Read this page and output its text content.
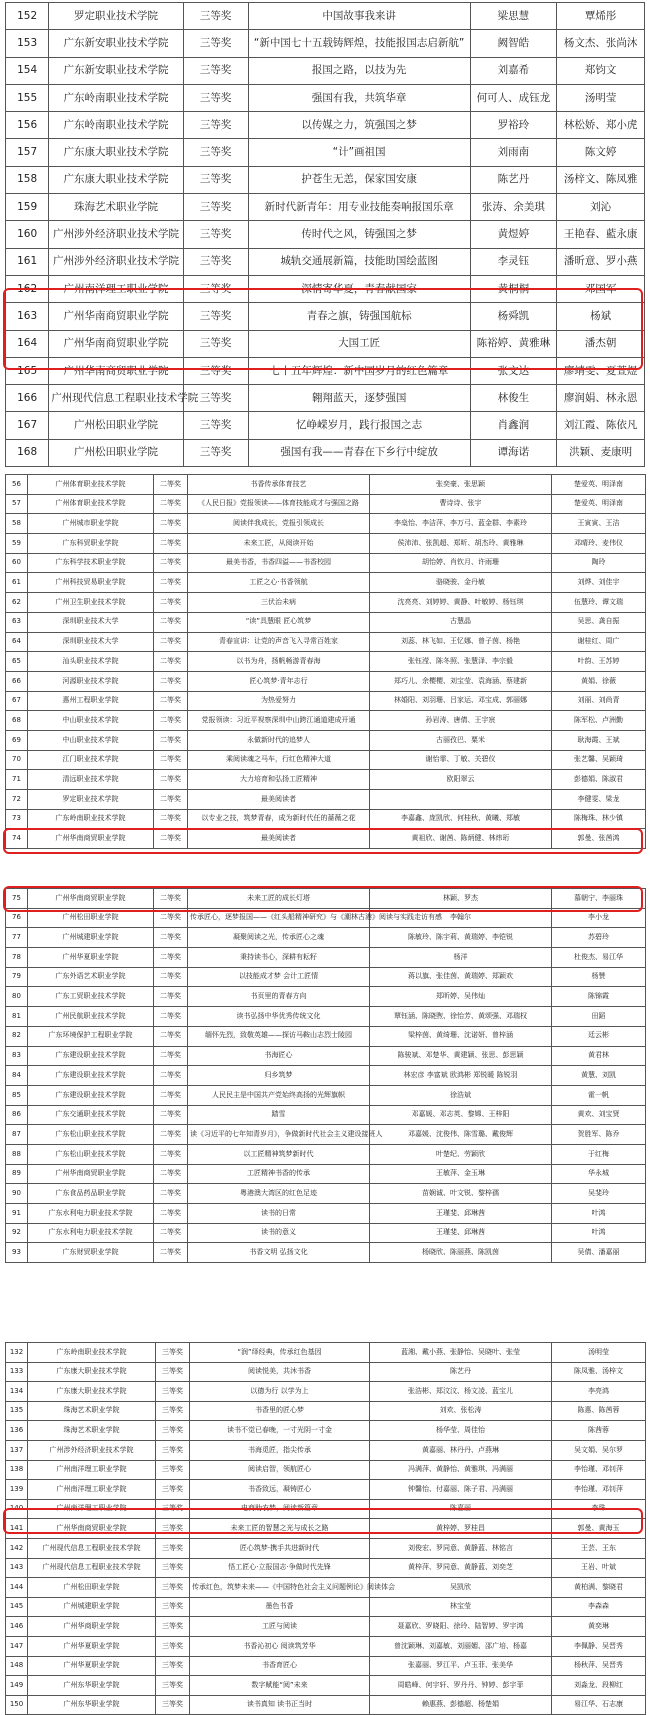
152	罗定职业技术学院	三等奖	中国故事我来讲	梁思慧	覃烯彤
153	广东新安职业技术学院	三等奖	“新中国七十五载铸辉煌，技能报国志启新航”	阙智皓	杨文杰、张尚沐
154	广东新安职业技术学院	三等奖	报国之路，以技为先	刘嘉希	郑钧文
155	广东岭南职业技术学院	三等奖	强国有我，共筑华章	何可人、成钰龙	汤明莹
156	广东岭南职业技术学院	三等奖	以传媒之力，筑强国之梦	罗裕玲	林松娇、郑小虎
157	广东康大职业技术学院	三等奖	“计”画祖国	刘雨南	陈文婷
158	广东康大职业技术学院	三等奖	护苍生无恙，保家国安康	陈艺丹	汤梓文、陈凤雅
159	珠海艺术职业学院	三等奖	新时代新青年：用专业技能奏响报国乐章	张涛、余美琪	刘沁
160	广州涉外经济职业技术学院	三等奖	传时代之风，铸强国之梦	黄煜婷	王艳春、藍永康
161	广州涉外经济职业技术学院	三等奖	城轨交通展新篇，技能助国绘蓝图	李灵钰	潘昕意、罗小燕
162	广州南洋理工职业学院	三等奖	深情寄华夏，青春献国家	黄桐桐	邓国军
163	广州华南商贸职业学院	三等奖	青春之旗，铸强国航标	杨舜凯	杨斌
164	广州华南商贸职业学院	三等奖	大国工匠	陈裕婷、黄雅琳	潘杰朝
165	广州华南商贸职业学院	三等奖	七十五年辉煌：新中国岁月的红色篇章	张文达	廖靖雯、夏萱煜
166	广州现代信息工程职业技术学院	三等奖	翱翔蓝天，逐梦强国	林俊生	廖润娟、林永恩
167	广州松田职业学院	三等奖	忆峥嵘岁月，践行报国之志	肖鑫润	刘江霞、陈依凡
168	广州松田职业学院	三等奖	强国有我——青春在下乡行中绽放	谭海诺	洪颖、麦康明
56	广州体育职业技术学院	二等奖	书香传承体育技艺	张奕豪、张思颖	楚爱英、明泽南
57	广州体育职业技术学院	二等奖	《人民日报》党报领读——体育技能成才与强国之路	曹诗诗、张宇	楚爱英、明泽南
58	广州城市职业学院	二等奖	阅读伴我成长，党报引领成长	李燊怡、李洁萍、李万弓、蓝金群、李素玲	王寅寅、王洁
59	广东科贸职业学院	二等奖	未来工匠，从阅读开始	侯沛沛、张凯超、郑昕、胡杰玲、黄雅琳	邓晴玲、麦伟仪
60	广东科学技术职业学院	二等奖	最美书香，书香四溢——书香校园	胡怡婷、肖钦月、许雨珊	陶玲
61	广州科技贸易职业学院	二等奖	工匠之心·书香领航	骆晓骏、金丹敏	刘烨、刘佳宇
62	广州卫生职业技术学院	二等奖	三伏治未病	沈亮亮、刘婷婷、黄静、叶敏婷、杨钰琪	伍慧玲、谭文瑞
63	深圳职业技术大学	二等奖	“读”具慧眼 匠心筑梦	古慧晶	吴思、龚自振
64	深圳职业技术大学	二等奖	青春宣讲：让党的声音飞入寻常百姓家	刘蕊、林飞如、王忆娜、曾子茵、杨艳	谢桂红、周广
65	汕头职业技术学院	二等奖	以书为舟，扬帆畅游青春海	张钰滢、陈冬照、张慧泽、李宗毅	叶韵、王苏婷
66	河源职业技术学院	二等奖	匠心筑梦·青年志行	郑巧儿、余樱樱、刘宝莹、袁海涵、蔡建新	黄娟、徐薇
67	惠州工程职业学院	二等奖	为热爱努力	林婚阳、刘羽珊、吕家运、邓宝成、郭丽娜	刘丽、刘尚青
68	中山职业技术学院	二等奖	党报领读：习近平视察深圳中山跨江通道建成开通	孙岩涛、唐倩、王宇宸	陈军松、卢洲勤
69	中山职业技术学院	二等奖	永做新时代的追梦人	古丽孜巴、粟米	耿海霞、王斌
70	江门职业技术学院	二等奖	乘阅读魂之马车，行红色精神大道	谢怡霏、丁敏、关碧仪	张艺馨、吴颖琦
71	清远职业技术学院	二等奖	大力培育和弘扬工匠精神	欧阳翠云	彭德娟、陈淑君
72	罗定职业技术学院	二等奖	最美阅读者		李健雯、梁龙
73	广东岭南职业技术学院	二等奖	以专业之技，筑梦青春，成为新时代任的蔷薇之花	李嘉鑫、庞凯欣、何桂秋、黄曦、郑敏	陈梅珠、林少镇
74	广州华南商贸职业学院	二等奖	最美阅读者	黄祖欣、谢茜、陈炳健、林炜珩	郭曼、张茜鸿
75	广州华南商贸职业学院	二等奖	未来工匠的成长灯塔	林颖、罗杰	慕朝宁、李丽珠
76	广州松田职业学院	二等奖	传承匠心，逐梦报国——《红头船精神研究》与《潮林古港》阅读与实践走访有感	李翰尔	李小龙
77	广州城建职业学院	二等奖	凝聚阅读之光，传承匠心之魂	陈敏玲、陈宇莉、黄瑞婷、李铠锐	苏碧玲
78	广州华夏职业学院	二等奖	秉持读书心，深耕有耘籽	杨洋	杜俊杰、易江华
79	广东外语艺术职业学院	二等奖	以技能成才梦 会计工匠情	蒋以旗、张佳茵、黄瑞婷、郑颖欢	杨赞
80	广东工贸职业技术学院	二等奖	书页里的青春方向	郑昕婷、吴伟灿	陈锦霞
81	广州民航职业技术学院	二等奖	读书弘扬中华优秀传统文化	覃钰涵、陈晓煦、徐怡芳、黄颂强、邓瑞权	田蹈
82	广东环境保护工程职业学院	二等奖	缅怀先烈，致敬英雄——探访马鞍山志烈士陵园	梁梓茵、黄绮珊、沈诺妍、曾梓涵	廷云彬
83	广东建设职业技术学院	二等奖	书海匠心	陈骏斌、邓楚华、黄建颖、张思、彭思颖	黄君林
84	广东建设职业技术学院	二等奖	归乡筑梦	林宏彦 李富斌 欧鸿彬 郑锐暖 陈锐羽	黄慧、刘凯
85	广东建设职业技术学院	二等奖	人民民主是中国共产党始终高扬的光辉旗帜	徐浩斌	霍一帆
86	广东交通职业技术学院	二等奖	踏雪	邓嘉媛、邓志英、黎嫦、王梓阳	黄欢、刘宝贤
87	广东松山职业技术学院	二等奖	读《习近平的七年知青岁月》，争做新时代社会主义建设接班人	邓嘉媛、沈俊伟、陈雪璐、戴俊辉	贺胜军、陈乔
88	广东松山职业技术学院	二等奖	以工匠精神筑梦新时代	叶楚纪、劳颖欣	于红梅
89	广州华南商贸职业学院	二等奖	工匠精神书香的传承	王敏萍、金玉琳	华永城
90	广东食品药品职业学院	二等奖	粤港澳大湾区的红色足迹	苗娴诚、叶文锐、黎梓孺	吴斐玲
91	广东水利电力职业技术学院	二等奖	读书的日常	王瑾斐、邱琳茜	叶鸿
92	广东水利电力职业技术学院	二等奖	读书的意义	王瑾斐、邱琳茜	叶鸿
93	广东财贸职业学院	二等奖	书香文明 弘扬文化	杨晓欣、陈丽燕、陈凯茵	吴倩、潘嘉丽
132	广东岭南职业技术学院	三等奖	“润”绎经典，传承红色基因	蓝湘、戴小燕、张静怡、吴晓叶、张莹	汤明莹
133	广东康大职业技术学院	三等奖	阅读悦美，共沐书香	陈艺丹	陈凤雅、汤梓文
134	广东康大职业技术学院	三等奖	以德为行 以学为上	张浩彬、郑汶汶、杨文凌、蓝宝儿	李亮鸿
135	珠海艺术职业学院	三等奖	书香里的匠心梦	刘欢、张松涛	陈惠、陈茜蓉
136	珠海艺术职业学院	三等奖	读书不觉已春晚，一寸光阴一寸金	杨华莹、周佳怡	陈茜蓉
137	广州涉外经济职业技术学院	三等奖	书海觅匠，指尖传承	黄嘉丽、林丹丹、卢燕琳	吴文娟、吴尔罗
138	广州南洋理工职业学院	三等奖	阅读启智，领航匠心	冯满萍、黄静怡、黄雅琪、冯满丽	李怡瑾、邓钊萍
139	广州南洋理工职业学院	三等奖	书香致远，凝铸匠心	钟馨怡、付嘉丽、陈子君、冯满丽	李怡瑾、邓钊萍
140	广州南洋理工职业学院	三等奖	电商助农梦，阅读新篇章	陈嘉丽	李珠
141	广州华南商贸职业学院	三等奖	未来工匠的智慧之光与成长之路	黄梓婷、罗桂昌	郭曼、黄海玉
142	广州现代信息工程职业技术学院	三等奖	匠心筑梦·携手共进新时代	刘俊宏、罗同意、黄静蓝、林铭言	王芸、王东
143	广州现代信息工程职业技术学院	三等奖	悟工匠心·立报国志·争做时代先锋	黄梓萍、罗同意、黄静蓝、刘奕芝	王岩、叶斌
144	广州松田职业学院	三等奖	传承红色，筑梦未来——《中国特色社会主义问题例论》阅读体会	吴凯欣	黄柏满、黎晓君
145	广州城建职业学院	三等奖	墨色书香	林宝莹	李森森
146	广州华商职业学院	三等奖	工匠与阅读	聂嘉欣、罗晓阳、徐玲、陆智婷、罗宇鸿	黄奕琳
147	广州华夏职业学院	三等奖	书香沁初心 阅读筑芳华	曾沈颖琳、刘嘉敏、刘丽媚、邵广培、杨嘉	李佩静、吴晋秀
148	广州华夏职业学院	三等奖	书香育匠心	张嘉丽、罗江平、卢玉菲、张美华	杨秋萍、吴晋秀
149	广州东华职业学院	三等奖	数字赋能“阅”未来	周皓峰、何宇轩、罗丹丹、钟婷、彭宇菲	刘淼龙、段柳红
150	广州东华职业学院	三等奖	读书真知 读书正当时	赖惠燕、彭德超、杨楚娟	易江华、石志康
